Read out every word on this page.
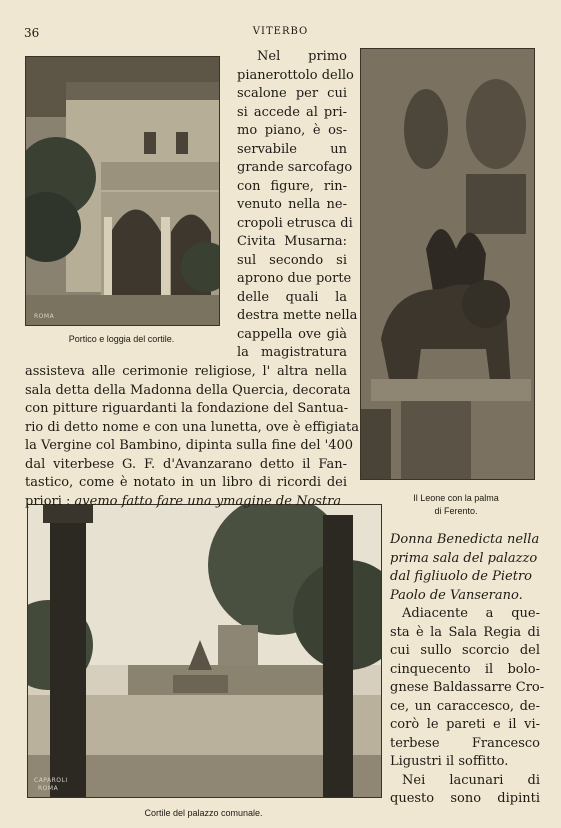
36	VITERBO
ROMA
Portico e loggia del cortile.
Il Leone con la palma
di Ferento.
CAPAROLI
ROMA
Cortile del palazzo comunale.
Nel primo
pianerottolo dello
scalone per cui
si accede al pri-
mo piano, è os-
servabile un
grande sarcofago
con figure, rin-
venuto nella ne-
cropoli etrusca di
Civita Musarna:
sul secondo si
aprono due porte
delle quali la
destra mette nella
cappella ove già
la magistratura
assisteva alle cerimonie religiose, l' altra nella
sala detta della Madonna della Quercia, decorata
con pitture riguardanti la fondazione del Santua-
rio di detto nome e con una lunetta, ove è effigiata
la Vergine col Bambino, dipinta sulla fine del '400
dal viterbese G. F. d'Avanzarano detto il Fan-
tastico, come è notato in un libro di ricordi dei
priori : avemo fatto fare una ymagine de Nostra
Donna Benedicta nella
prima sala del palazzo
dal figliuolo de Pietro
Paolo de Vanserano.
Adiacente a que-
sta è la Sala Regia di
cui sullo scorcio del
cinquecento il bolo-
gnese Baldassarre Cro-
ce, un caraccesco, de-
corò le pareti e il vi-
terbese Francesco
Ligustri il soffitto.
Nei lacunari di
questo sono dipinti
